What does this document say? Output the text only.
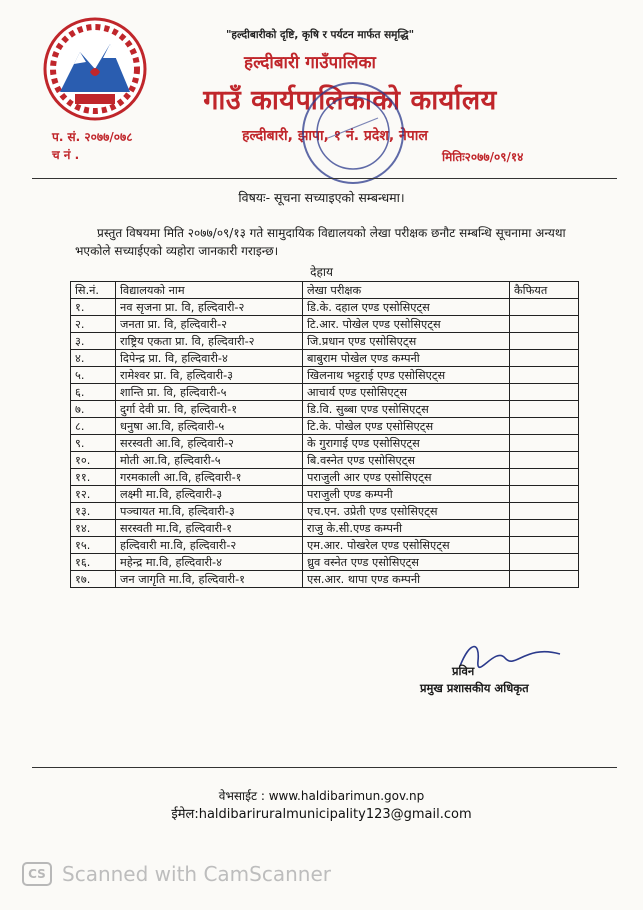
"हल्दीबारीको दृष्टि, कृषि र पर्यटन मार्फत समृद्धि"
हल्दीबारी गाउँपालिका
गाउँ कार्यपालिकाको कार्यालय
हल्दीबारी, झापा, १ नं. प्रदेश, नेपाल
प. सं. २०७७/०७८
च नं .	मितिः२०७७/०९/१४
विषयः- सूचना सच्याइएको सम्बन्धमा।
प्रस्तुत विषयमा मिति २०७७/०९/१३ गते सामुदायिक विद्यालयको लेखा परीक्षक छनौट सम्बन्धि सूचनामा अन्यथा भएकोले सच्याईएको व्यहोरा जानकारी गराइन्छ।
देहाय
सि.नं.	विद्यालयको नाम	लेखा परीक्षक	कैफियत
१.	नव सृजना प्रा. वि, हल्दिवारी-२	डि.के. दहाल एण्ड एसोसिएट्स	
२.	जनता प्रा. वि, हल्दिवारी-२	टि.आर. पोखेल एण्ड एसोसिएट्स	
३.	राष्ट्रिय एकता प्रा. वि, हल्दिवारी-२	जि.प्रधान एण्ड एसोसिएट्स	
४.	दिपेन्द्र प्रा. वि, हल्दिवारी-४	बाबुराम पोखेल एण्ड कम्पनी	
५.	रामेश्वर प्रा. वि, हल्दिवारी-३	खिलनाथ भट्टराई एण्ड एसोसिएट्स	
६.	शान्ति प्रा. वि, हल्दिवारी-५	आचार्य एण्ड एसोसिएट्स	
७.	दुर्गा देवी प्रा. वि, हल्दिवारी-१	डि.वि. सुब्बा एण्ड एसोसिएट्स	
८.	धनुषा आ.वि, हल्दिवारी-५	टि.के. पोखेल एण्ड एसोसिएट्स	
९.	सरस्वती आ.वि, हल्दिवारी-२	के गुरागाई एण्ड एसोसिएट्स	
१०.	मोती आ.वि, हल्दिवारी-५	बि.वस्नेत एण्ड एसोसिएट्स	
११.	गरमकाली आ.वि, हल्दिवारी-१	पराजुली आर एण्ड एसोसिएट्स	
१२.	लक्ष्मी मा.वि, हल्दिवारी-३	पराजुली एण्ड कम्पनी	
१३.	पञ्चायत मा.वि, हल्दिवारी-३	एच.एन. उप्रेती एण्ड एसोसिएट्स	
१४.	सरस्वती मा.वि, हल्दिवारी-१	राजु के.सी.एण्ड कम्पनी	
१५.	हल्दिवारी मा.वि, हल्दिवारी-२	एम.आर. पोखरेल एण्ड एसोसिएट्स	
१६.	महेन्द्र मा.वि, हल्दिवारी-४	ध्रुव वस्नेत एण्ड एसोसिएट्स	
१७.	जन जागृति मा.वि, हल्दिवारी-१	एस.आर. थापा एण्ड कम्पनी	
प्रविन
प्रमुख प्रशासकीय अधिकृत
वेभसाईट : www.haldibarimun.gov.np
ईमेल:haldibariruralmunicipality123@gmail.com
CS Scanned with CamScanner
